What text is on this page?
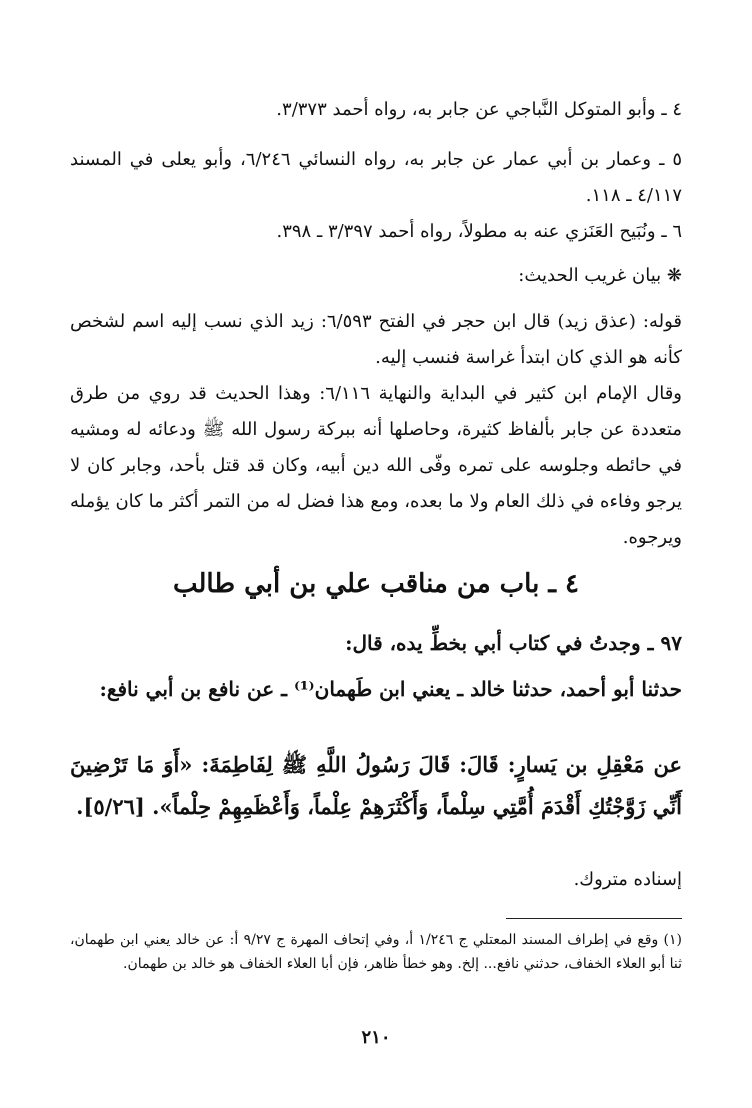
٤ ـ وأبو المتوكل النَّباجي عن جابر به، رواه أحمد ٣/٣٧٣.
٥ ـ وعمار بن أبي عمار عن جابر به، رواه النسائي ٦/٢٤٦، وأبو يعلى في المسند ٤/١١٧ ـ ١١٨.
٦ ـ ونُبَيح العَنَزي عنه به مطولاً، رواه أحمد ٣/٣٩٧ ـ ٣٩٨.
❋ بيان غريب الحديث:
قوله: (عذق زيد) قال ابن حجر في الفتح ٦/٥٩٣: زيد الذي نسب إليه اسم لشخص كأنه هو الذي كان ابتدأ غراسة فنسب إليه.
وقال الإمام ابن كثير في البداية والنهاية ٦/١١٦: وهذا الحديث قد روي من طرق متعددة عن جابر بألفاظ كثيرة، وحاصلها أنه ببركة رسول الله ﷺ ودعائه له ومشيه في حائطه وجلوسه على تمره وفّى الله دين أبيه، وكان قد قتل بأحد، وجابر كان لا يرجو وفاءه في ذلك العام ولا ما بعده، ومع هذا فضل له من التمر أكثر ما كان يؤمله ويرجوه.
٤ ـ باب من مناقب علي بن أبي طالب
٩٧ ـ وجدتُ في كتاب أبي بخطِّ يده، قال:
حدثنا أبو أحمد، حدثنا خالد ـ يعني ابن طَهمان⁽¹⁾ ـ عن نافع بن أبي نافع:
عن مَعْقِلِ بن يَسارٍ: قَالَ: قَالَ رَسُولُ اللَّهِ ﷺ لِفَاطِمَةَ: «أَوَ مَا تَرْضِينَ أَنِّي زَوَّجْتُكِ أَقْدَمَ أُمَّتِي سِلْماً، وَأَكْثَرَهِمْ عِلْماً، وَأَعْظَمِهِمْ حِلْماً». [٥/٢٦].
إسناده متروك.
(١) وقع في إطراف المسند المعتلي ج ١/٢٤٦ أ، وفي إتحاف المهرة ج ٩/٢٧ أ: عن خالد يعني ابن طهمان، ثنا أبو العلاء الخفاف، حدثني نافع... إلخ. وهو خطأ ظاهر، فإن أبا العلاء الخفاف هو خالد بن طهمان.
٢١٠
